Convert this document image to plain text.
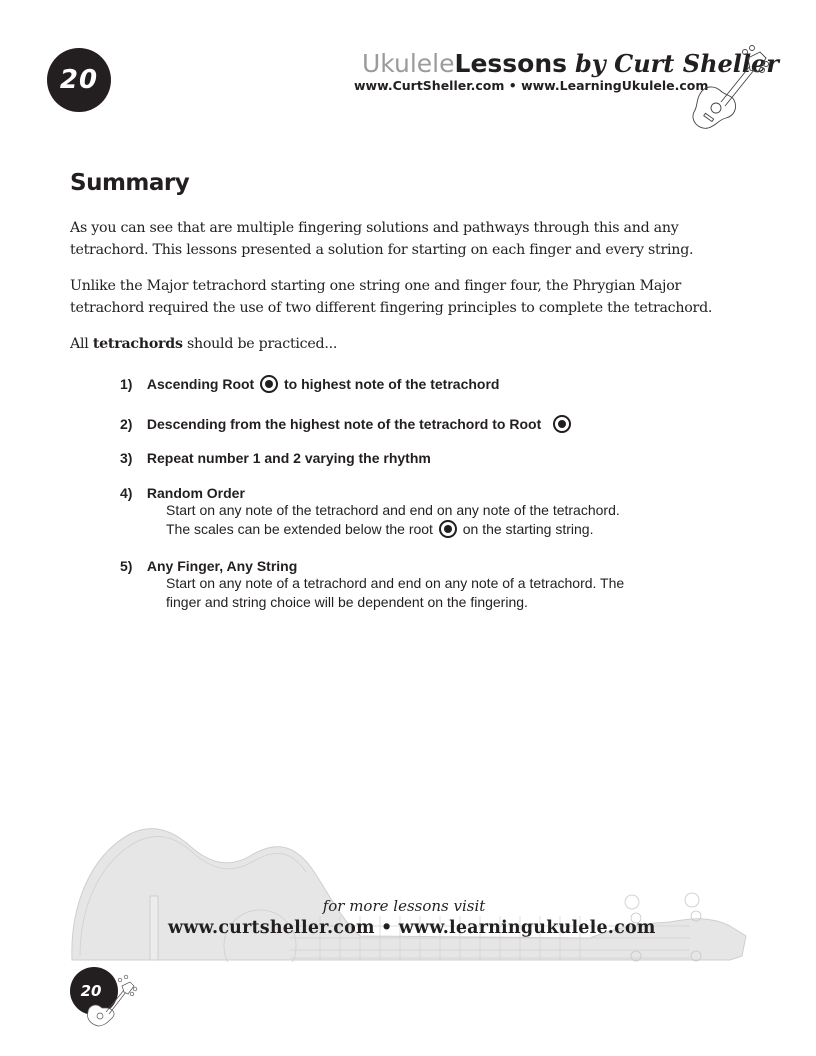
20
UkuleleLessons by Curt Sheller
www.CurtSheller.com • www.LearningUkulele.com
Summary
As you can see that are multiple fingering solutions and pathways through this and any tetrachord. This lessons presented a solution for starting on each finger and every string.
Unlike the Major tetrachord starting one string one and finger four, the Phrygian Major tetrachord required the use of two different fingering principles to complete the tetrachord.
All tetrachords should be practiced...
1) Ascending Root to highest note of the tetrachord
2) Descending from the highest note of the tetrachord to Root
3) Repeat number 1 and 2 varying the rhythm
4) Random Order
Start on any note of the tetrachord and end on any note of the tetrachord.
The scales can be extended below the root on the starting string.
5) Any Finger, Any String
Start on any note of a tetrachord and end on any note of a tetrachord. The
finger and string choice will be dependent on the fingering.
for more lessons visit
www.curtsheller.com • www.learningukulele.com
20
